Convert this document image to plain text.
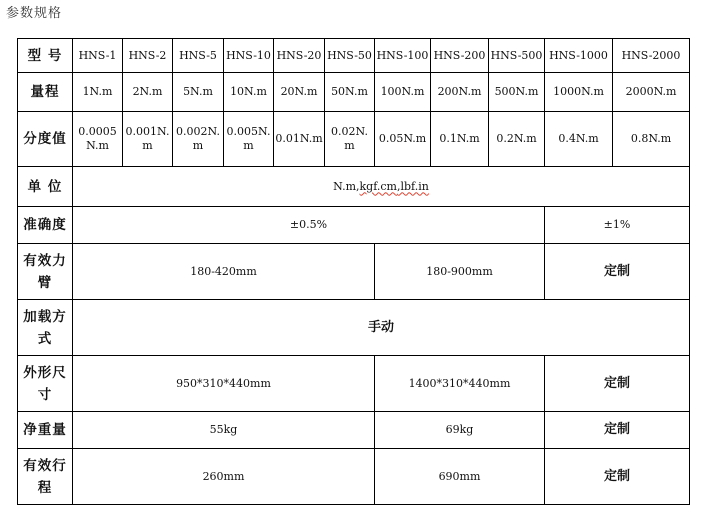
参数规格
型 号	HNS-1	HNS-2	HNS-5	HNS-10	HNS-20	HNS-50	HNS-100	HNS-200	HNS-500	HNS-1000	HNS-2000
量程	1N.m	2N.m	5N.m	10N.m	20N.m	50N.m	100N.m	200N.m	500N.m	1000N.m	2000N.m
分度值	0.0005N.m	0.001N.m	0.002N.m	0.005N.m	0.01N.m	0.02N.m	0.05N.m	0.1N.m	0.2N.m	0.4N.m	0.8N.m
单 位	N.m,kgf.cm,lbf.in										
准确度	±0.5%									±1%	
有效力臂	180-420mm						180-900mm			定制	
加载方式	手动										
外形尺寸	950*310*440mm						1400*310*440mm			定制	
净重量	55kg						69kg			定制	
有效行程	260mm						690mm			定制	
